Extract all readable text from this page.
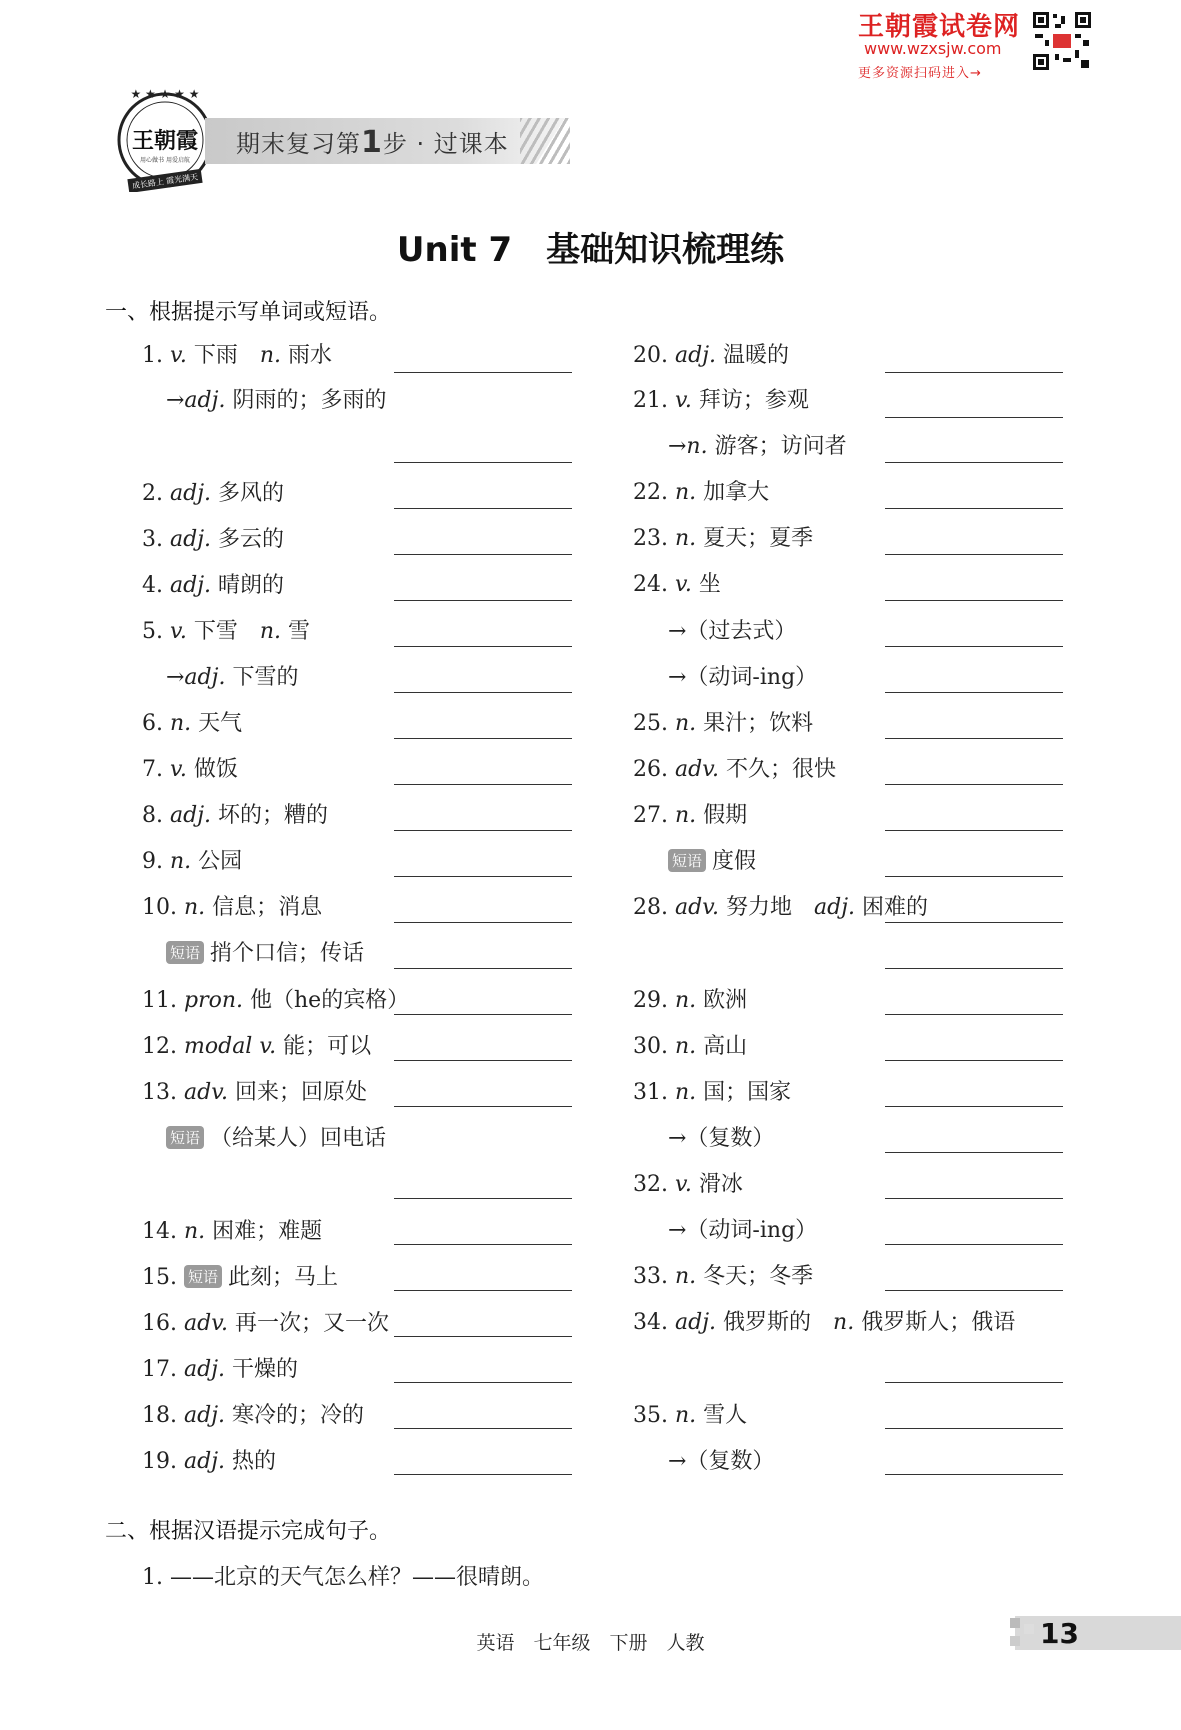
王朝霞试卷网
www.wzxsjw.com
更多资源扫码进入→
★ ★ ★ ★ ★
王朝霞
用心做书 用爱启航
成长路上 霞光满天
期末复习第1步 · 过课本
Unit 7　基础知识梳理练
一、根据提示写单词或短语。
二、根据汉语提示完成句子。
1. ——北京的天气怎么样？——很晴朗。
13
英语　七年级　下册　人教
1. v. 下雨　n. 雨水
→adj. 阴雨的；多雨的
2. adj. 多风的
3. adj. 多云的
4. adj. 晴朗的
5. v. 下雪　n. 雪
→adj. 下雪的
6. n. 天气
7. v. 做饭
8. adj. 坏的；糟的
9. n. 公园
10. n. 信息；消息
短语 捎个口信；传话
11. pron. 他（he的宾格）
12. modal v. 能；可以
13. adv. 回来；回原处
短语 （给某人）回电话
14. n. 困难；难题
15. 短语 此刻；马上
16. adv. 再一次；又一次
17. adj. 干燥的
18. adj. 寒冷的；冷的
19. adj. 热的
20. adj. 温暖的
21. v. 拜访；参观
→n. 游客；访问者
22. n. 加拿大
23. n. 夏天；夏季
24. v. 坐
→（过去式）
→（动词-ing）
25. n. 果汁；饮料
26. adv. 不久；很快
27. n. 假期
短语 度假
28. adv. 努力地　adj. 困难的
29. n. 欧洲
30. n. 高山
31. n. 国；国家
→（复数）
32. v. 滑冰
→（动词-ing）
33. n. 冬天；冬季
34. adj. 俄罗斯的　n. 俄罗斯人；俄语
35. n. 雪人
→（复数）
